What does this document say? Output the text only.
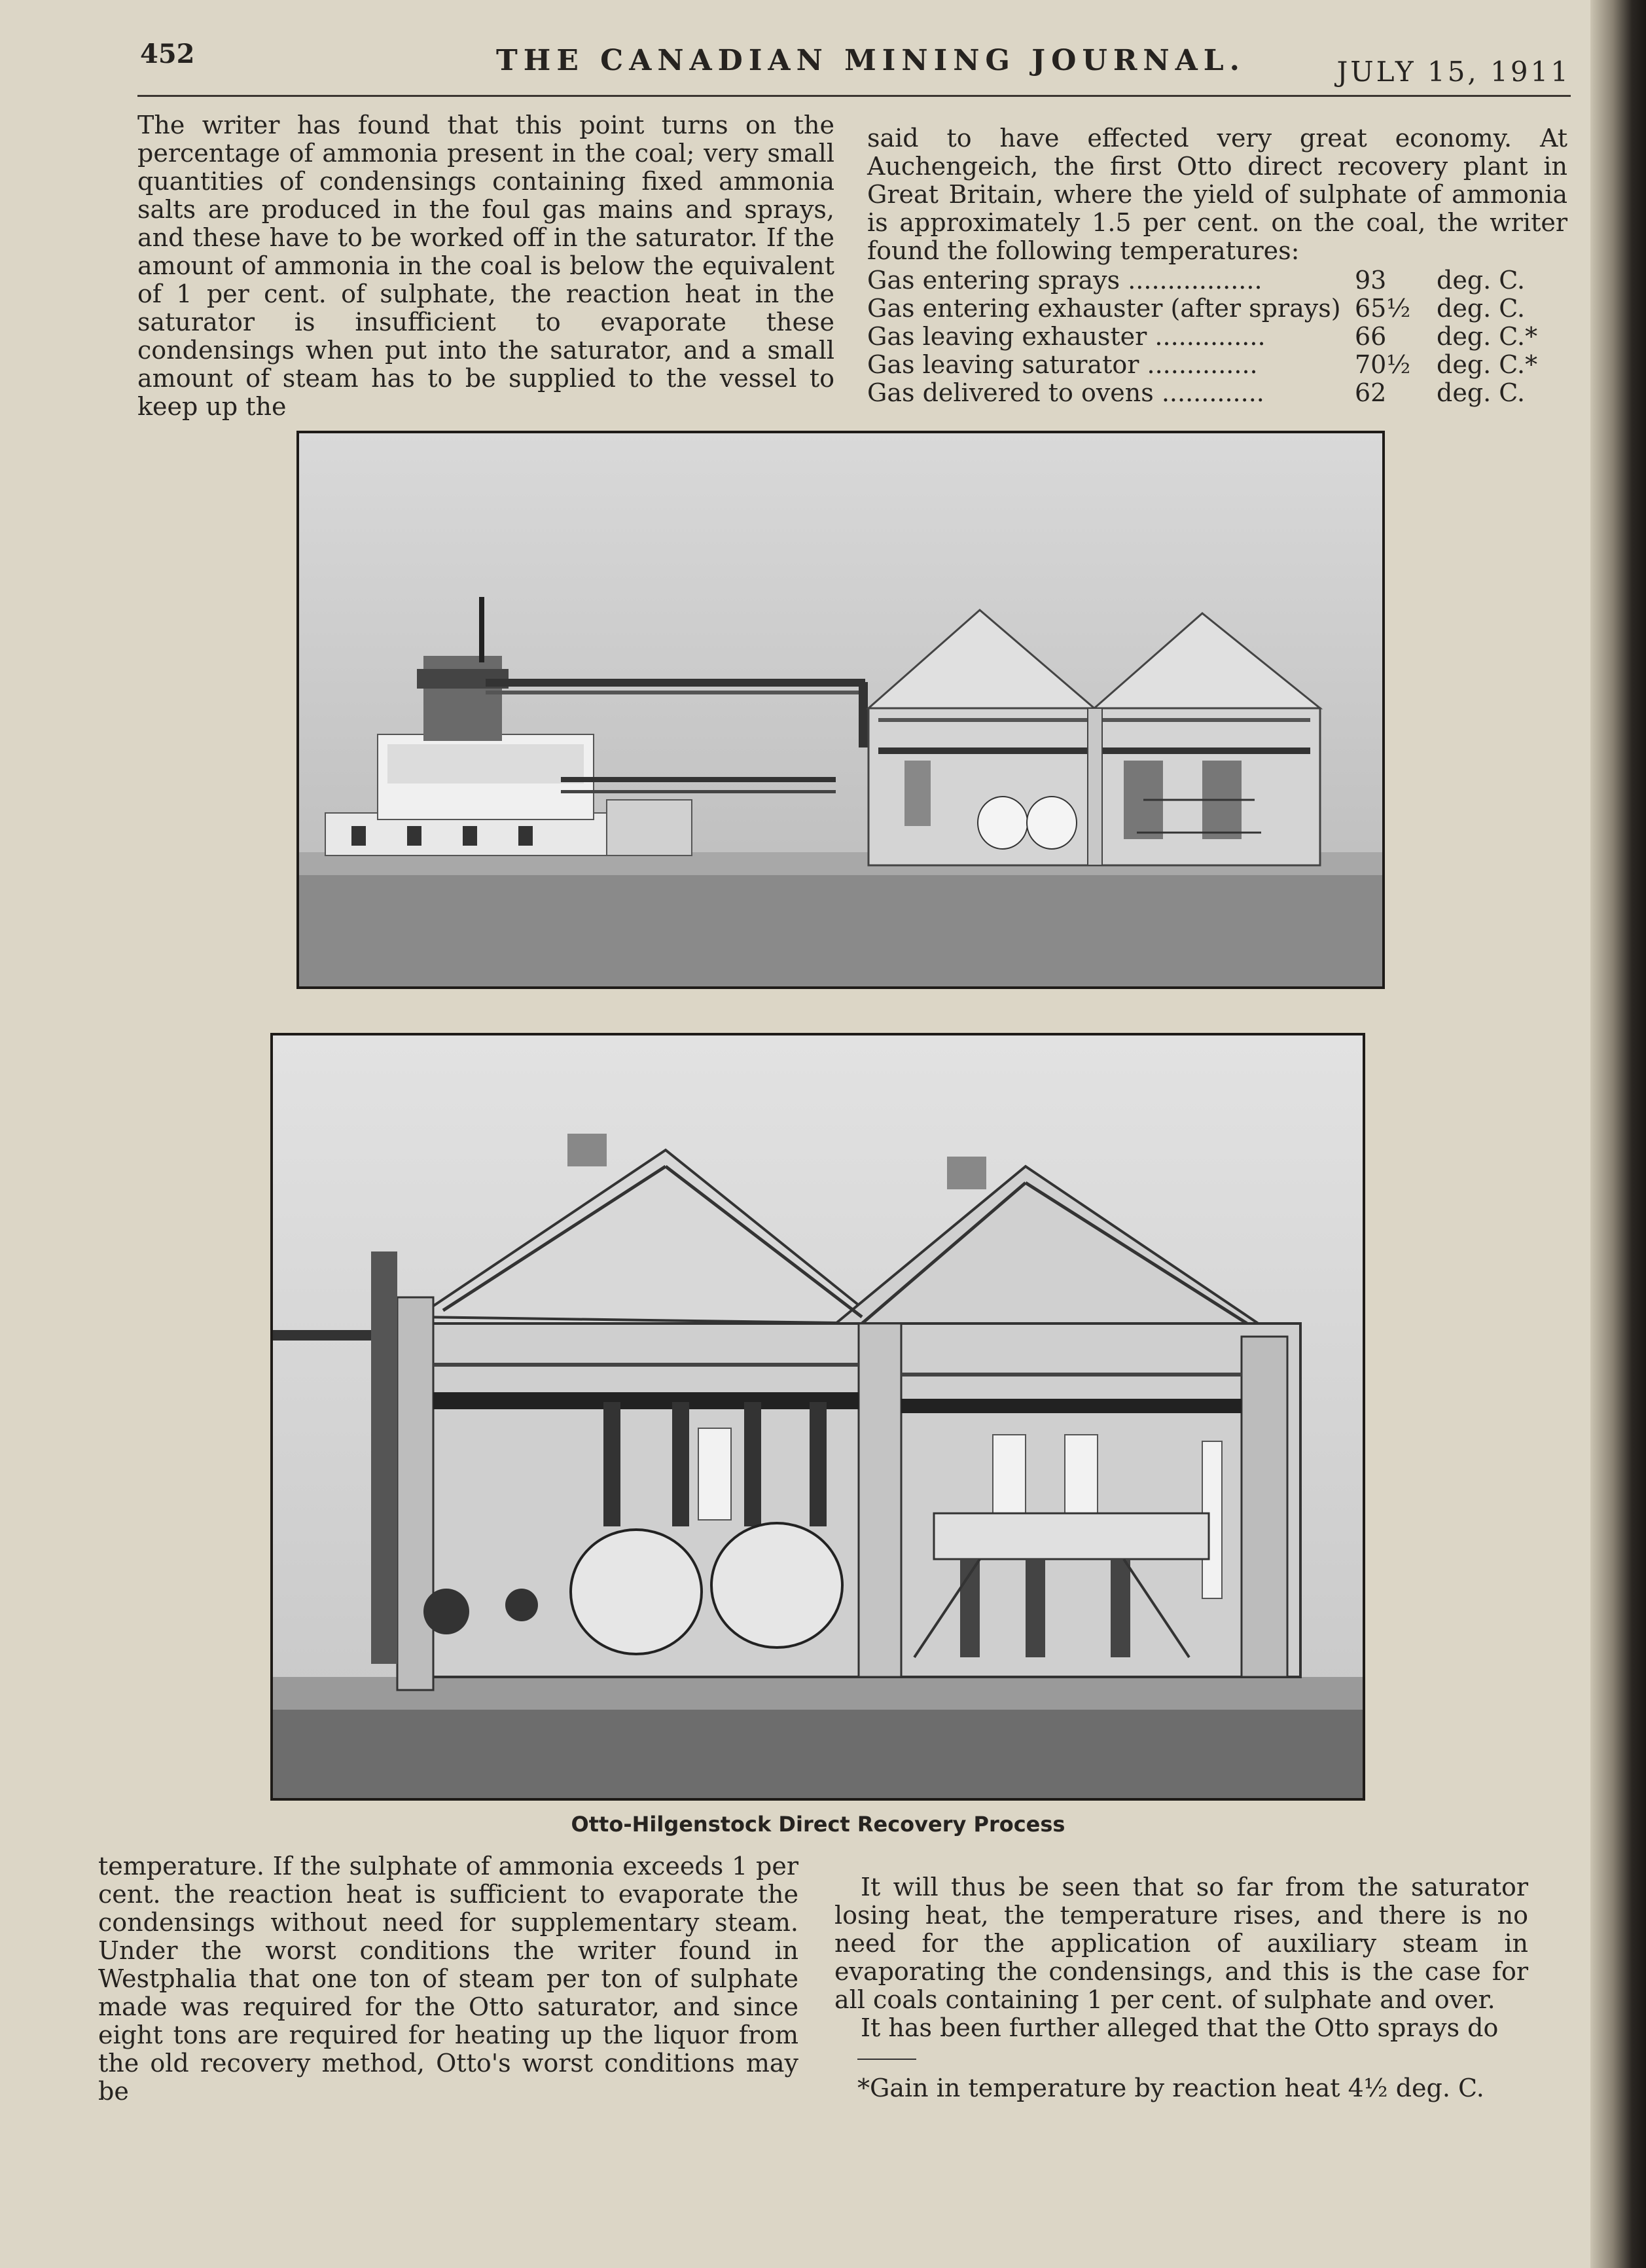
452	THE CANADIAN MINING JOURNAL.	JULY 15, 1911

The writer has found that this point turns on the percentage of ammonia present in the coal; very small quantities of condensings containing fixed ammonia salts are produced in the foul gas mains and sprays, and these have to be worked off in the saturator. If the amount of ammonia in the coal is below the equivalent of 1 per cent. of sulphate, the reaction heat in the saturator is insufficient to evaporate these condensings when put into the saturator, and a small amount of steam has to be supplied to the vessel to keep up the

said to have effected very great economy. At Auchengeich, the first Otto direct recovery plant in Great Britain, where the yield of sulphate of ammonia is approximately 1.5 per cent. on the coal, the writer found the following temperatures:

Gas entering sprays .................	93	deg. C.
Gas entering exhauster (after sprays) 65½	deg. C.
Gas leaving exhauster ..............	66	deg. C.*
Gas leaving saturator ..............	70½	deg. C.*
Gas delivered to ovens .............	62	deg. C.
Otto-Hilgenstock Direct Recovery Process

temperature. If the sulphate of ammonia exceeds 1 per cent. the reaction heat is sufficient to evaporate the condensings without need for supplementary steam. Under the worst conditions the writer found in Westphalia that one ton of steam per ton of sulphate made was required for the Otto saturator, and since eight tons are required for heating up the liquor from the old recovery method, Otto's worst conditions may be

It will thus be seen that so far from the saturator losing heat, the temperature rises, and there is no need for the application of auxiliary steam in evaporating the condensings, and this is the case for all coals containing 1 per cent. of sulphate and over.

It has been further alleged that the Otto sprays do

*Gain in temperature by reaction heat 4½ deg. C.
